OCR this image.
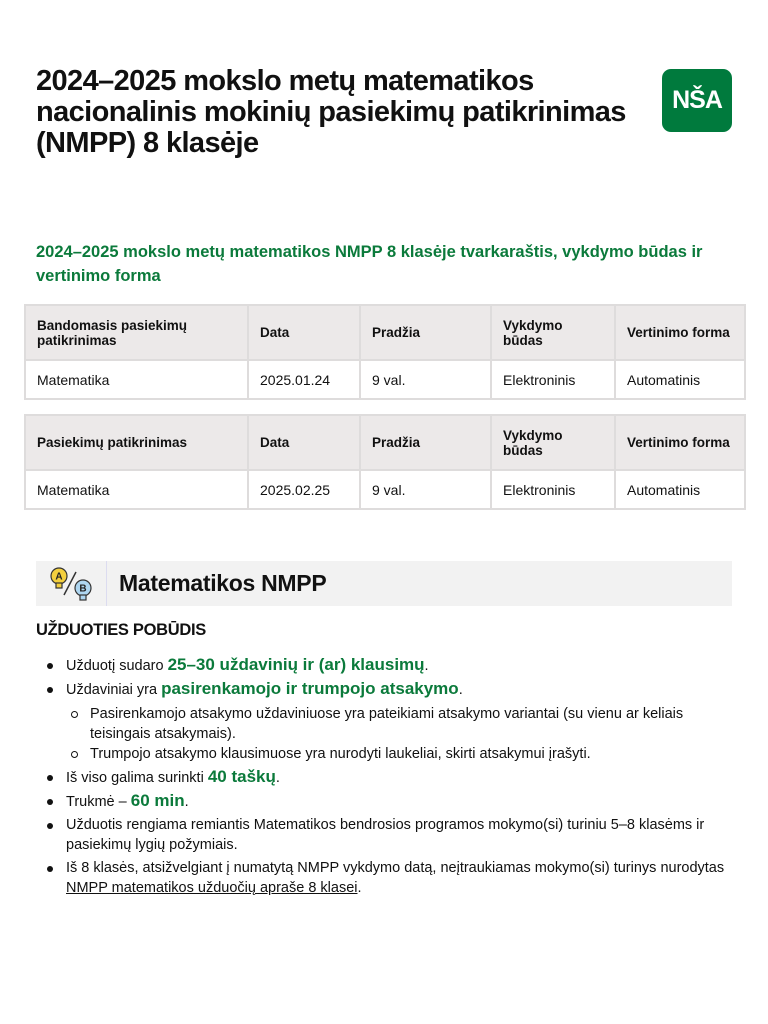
2024–2025 mokslo metų matematikos nacionalinis mokinių pasiekimų patikrinimas (NMPP) 8 klasėje
NŠA
2024–2025 mokslo metų matematikos NMPP 8 klasėje tvarkaraštis, vykdymo būdas ir vertinimo forma
Bandomasis pasiekimų patikrinimas	Data	Pradžia	Vykdymo būdas	Vertinimo forma
Matematika	2025.01.24	9 val.	Elektroninis	Automatinis
Pasiekimų patikrinimas	Data	Pradžia	Vykdymo būdas	Vertinimo forma
Matematika	2025.02.25	9 val.	Elektroninis	Automatinis
A
B Matematikos NMPP
UŽDUOTIES POBŪDIS
Užduotį sudaro 25–30 uždavinių ir (ar) klausimų.
Uždaviniai yra pasirenkamojo ir trumpojo atsakymo.
Pasirenkamojo atsakymo uždaviniuose yra pateikiami atsakymo variantai (su vienu ar keliais teisingais atsakymais).
Trumpojo atsakymo klausimuose yra nurodyti laukeliai, skirti atsakymui įrašyti.
Iš viso galima surinkti 40 taškų.
Trukmė – 60 min.
Užduotis rengiama remiantis Matematikos bendrosios programos mokymo(si) turiniu 5–8 klasėms ir pasiekimų lygių požymiais.
Iš 8 klasės, atsižvelgiant į numatytą NMPP vykdymo datą, neįtraukiamas mokymo(si) turinys nurodytas NMPP matematikos užduočių apraše 8 klasei.
